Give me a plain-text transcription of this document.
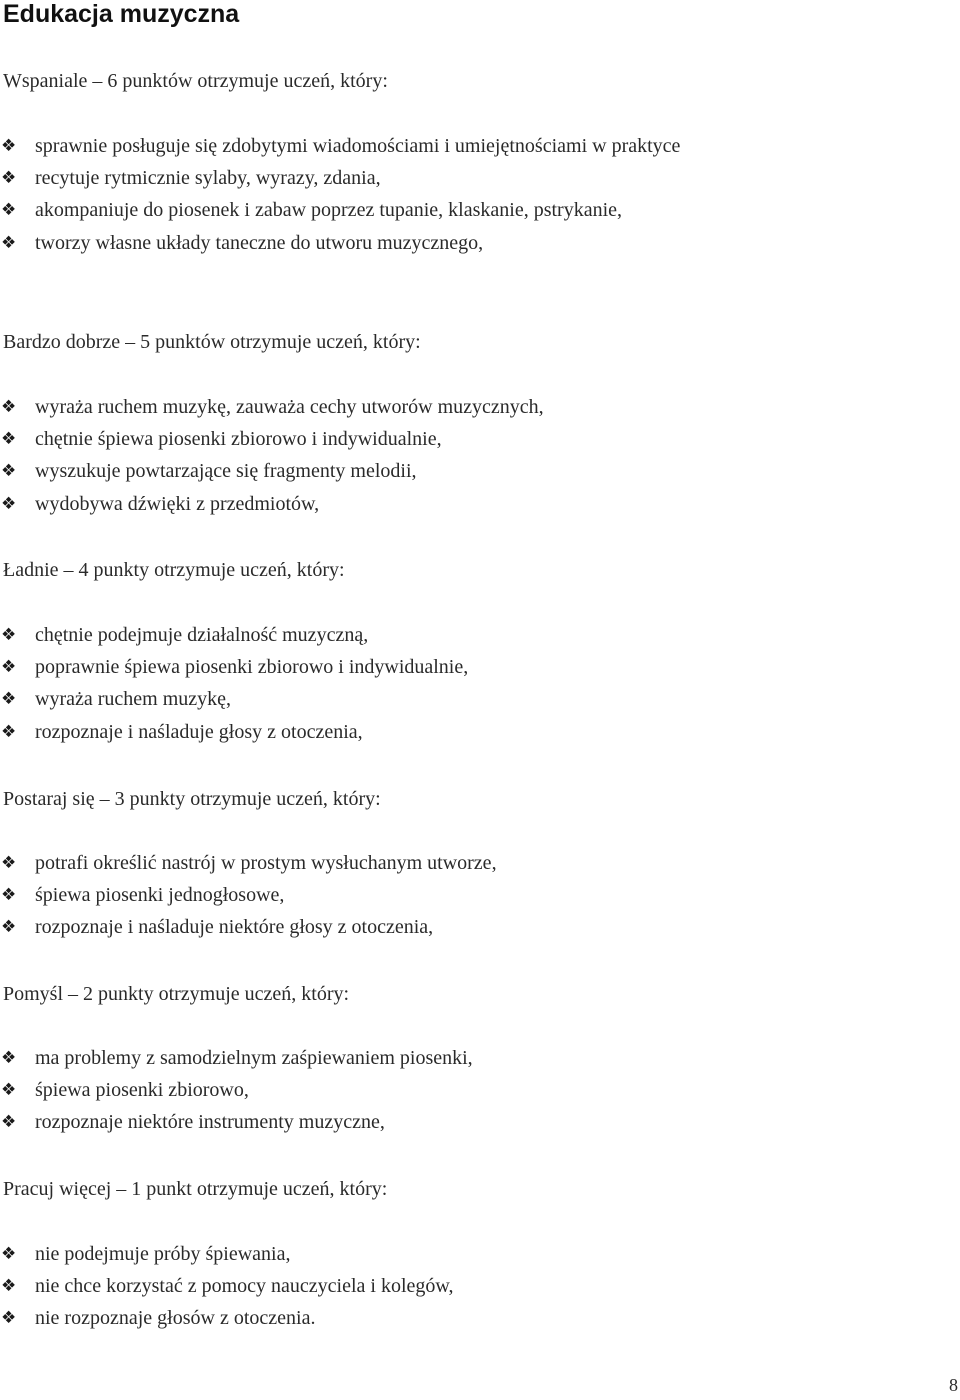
Edukacja muzyczna

Wspaniale – 6 punktów otrzymuje uczeń, który:

❖ sprawnie posługuje się zdobytymi wiadomościami i umiejętnościami w praktyce
❖ recytuje rytmicznie sylaby, wyrazy, zdania,
❖ akompaniuje do piosenek i zabaw poprzez tupanie, klaskanie, pstrykanie,
❖ tworzy własne układy taneczne do utworu muzycznego,

Bardzo dobrze – 5 punktów otrzymuje uczeń, który:

❖ wyraża ruchem muzykę, zauważa cechy utworów muzycznych,
❖ chętnie śpiewa piosenki zbiorowo i indywidualnie,
❖ wyszukuje powtarzające się fragmenty melodii,
❖ wydobywa dźwięki z przedmiotów,

Ładnie – 4 punkty otrzymuje uczeń, który:

❖ chętnie podejmuje działalność muzyczną,
❖ poprawnie śpiewa piosenki zbiorowo i indywidualnie,
❖ wyraża ruchem muzykę,
❖ rozpoznaje i naśladuje głosy z otoczenia,

Postaraj się – 3 punkty otrzymuje uczeń, który:

❖ potrafi określić nastrój w prostym wysłuchanym utworze,
❖ śpiewa piosenki jednogłosowe,
❖ rozpoznaje i naśladuje niektóre głosy z otoczenia,

Pomyśl – 2 punkty otrzymuje uczeń, który:

❖ ma problemy z samodzielnym zaśpiewaniem piosenki,
❖ śpiewa piosenki zbiorowo,
❖ rozpoznaje niektóre instrumenty muzyczne,

Pracuj więcej – 1 punkt otrzymuje uczeń, który:

❖ nie podejmuje próby śpiewania,
❖ nie chce korzystać z pomocy nauczyciela i kolegów,
❖ nie rozpoznaje głosów z otoczenia.
8
